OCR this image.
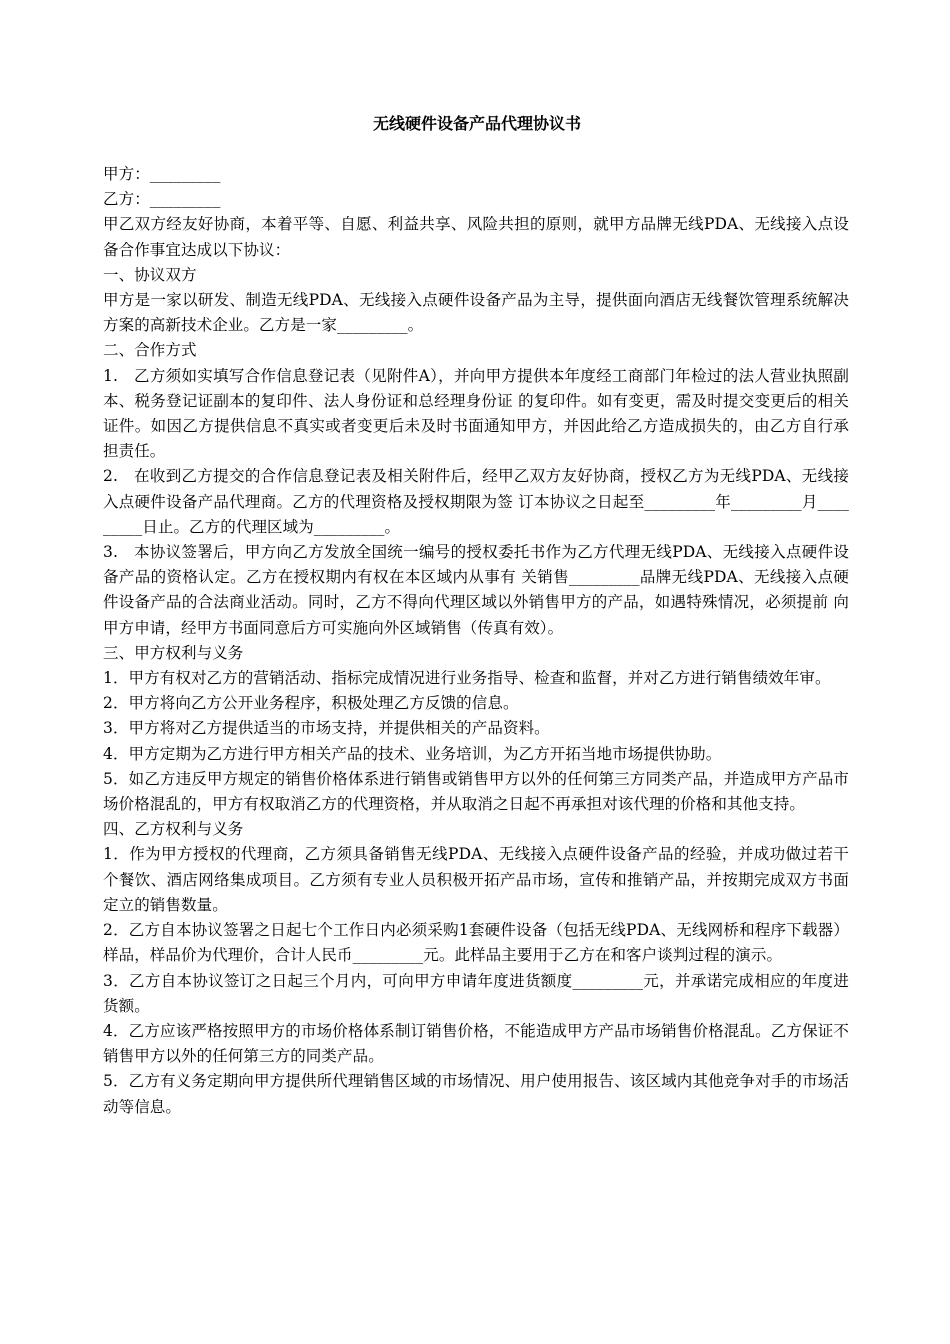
无线硬件设备产品代理协议书

甲方：_________

乙方：_________

甲乙双方经友好协商，本着平等、自愿、利益共享、风险共担的原则，就甲方品牌无线PDA、无线接入点设备合作事宜达成以下协议：

一、协议双方

甲方是一家以研发、制造无线PDA、无线接入点硬件设备产品为主导，提供面向酒店无线餐饮管理系统解决方案的高新技术企业。乙方是一家_________。

二、合作方式

1.　乙方须如实填写合作信息登记表（见附件A），并向甲方提供本年度经工商部门年检过的法人营业执照副本、税务登记证副本的复印件、法人身份证和总经理身份证 的复印件。如有变更，需及时提交变更后的相关证件。如因乙方提供信息不真实或者变更后未及时书面通知甲方，并因此给乙方造成损失的，由乙方自行承担责任。

2.　在收到乙方提交的合作信息登记表及相关附件后，经甲乙双方友好协商，授权乙方为无线PDA、无线接入点硬件设备产品代理商。乙方的代理资格及授权期限为签 订本协议之日起至_________年_________月_________日止。乙方的代理区域为_________。

3.　本协议签署后，甲方向乙方发放全国统一编号的授权委托书作为乙方代理无线PDA、无线接入点硬件设备产品的资格认定。乙方在授权期内有权在本区域内从事有 关销售_________品牌无线PDA、无线接入点硬件设备产品的合法商业活动。同时，乙方不得向代理区域以外销售甲方的产品，如遇特殊情况，必须提前 向甲方申请，经甲方书面同意后方可实施向外区域销售（传真有效）。

三、甲方权利与义务

1．甲方有权对乙方的营销活动、指标完成情况进行业务指导、检查和监督，并对乙方进行销售绩效年审。

2．甲方将向乙方公开业务程序，积极处理乙方反馈的信息。

3．甲方将对乙方提供适当的市场支持，并提供相关的产品资料。

4．甲方定期为乙方进行甲方相关产品的技术、业务培训，为乙方开拓当地市场提供协助。

5．如乙方违反甲方规定的销售价格体系进行销售或销售甲方以外的任何第三方同类产品，并造成甲方产品市场价格混乱的，甲方有权取消乙方的代理资格，并从取消之日起不再承担对该代理的价格和其他支持。

四、乙方权利与义务

1．作为甲方授权的代理商，乙方须具备销售无线PDA、无线接入点硬件设备产品的经验，并成功做过若干个餐饮、酒店网络集成项目。乙方须有专业人员积极开拓产品市场，宣传和推销产品，并按期完成双方书面定立的销售数量。

2．乙方自本协议签署之日起七个工作日内必须采购1套硬件设备（包括无线PDA、无线网桥和程序下载器）样品，样品价为代理价，合计人民币_________元。此样品主要用于乙方在和客户谈判过程的演示。

3．乙方自本协议签订之日起三个月内，可向甲方申请年度进货额度_________元，并承诺完成相应的年度进货额。

4．乙方应该严格按照甲方的市场价格体系制订销售价格，不能造成甲方产品市场销售价格混乱。乙方保证不销售甲方以外的任何第三方的同类产品。

5．乙方有义务定期向甲方提供所代理销售区域的市场情况、用户使用报告、该区域内其他竞争对手的市场活动等信息。
